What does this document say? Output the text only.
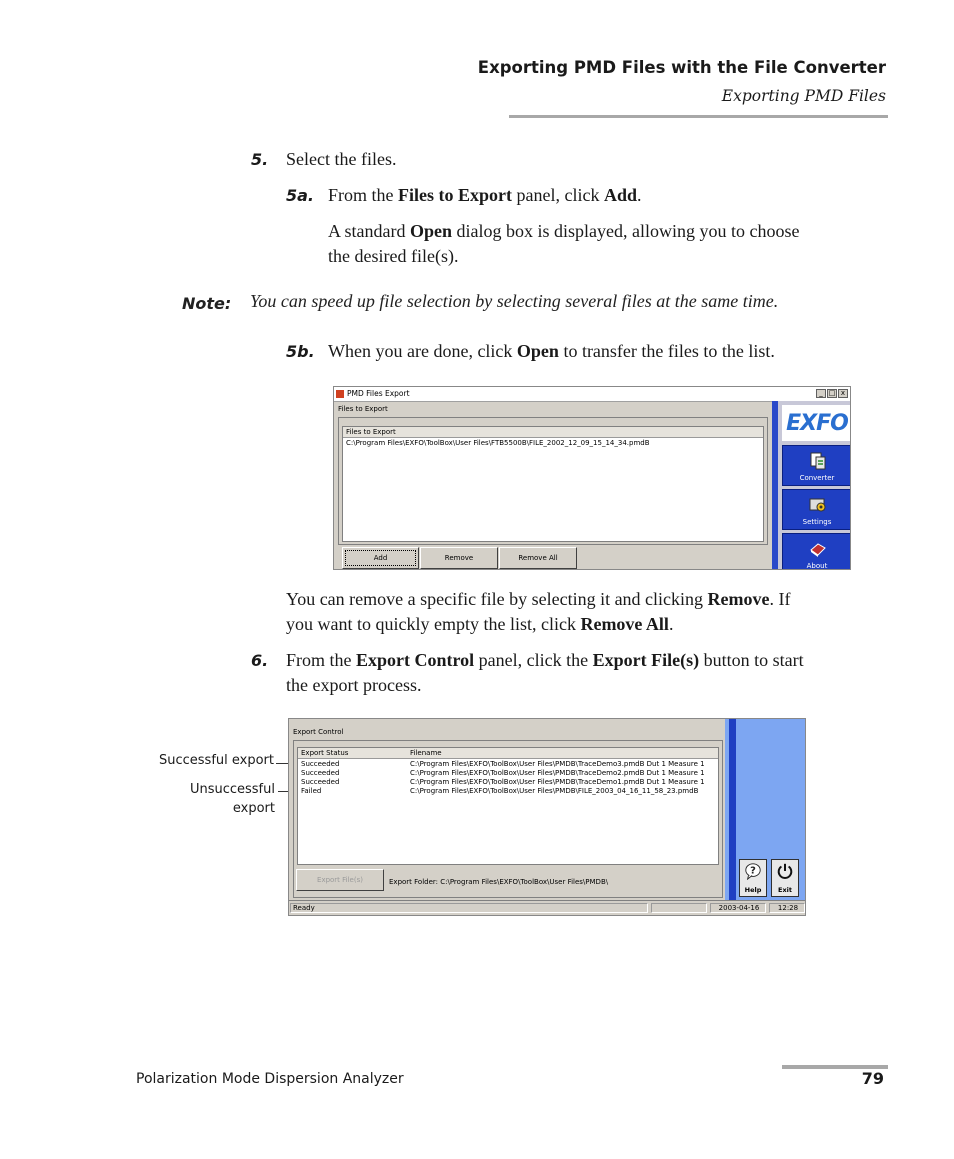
Exporting PMD Files with the File Converter
Exporting PMD Files
5. Select the files.
5a. From the Files to Export panel, click Add.
A standard Open dialog box is displayed, allowing you to choose
the desired file(s).
Note: You can speed up file selection by selecting several files at the same time.
5b. When you are done, click Open to transfer the files to the list.
PMD Files Export	_ □ x
Files to Export
Files to Export
C:\Program Files\EXFO\ToolBox\User Files\FTB5500B\FILE_2002_12_09_15_14_34.pmdB
Add	Remove	Remove All
EXFO
Converter
Settings
About
You can remove a specific file by selecting it and clicking Remove. If
you want to quickly empty the list, click Remove All.
6. From the Export Control panel, click the Export File(s) button to start
the export process.
Successful export
Unsuccessful
export
Export Control
Export Status	Filename
Succeeded	C:\Program Files\EXFO\ToolBox\User Files\PMDB\TraceDemo3.pmdB Dut 1 Measure 1
Succeeded	C:\Program Files\EXFO\ToolBox\User Files\PMDB\TraceDemo2.pmdB Dut 1 Measure 1
Succeeded	C:\Program Files\EXFO\ToolBox\User Files\PMDB\TraceDemo1.pmdB Dut 1 Measure 1
Failed	C:\Program Files\EXFO\ToolBox\User Files\PMDB\FILE_2003_04_16_11_58_23.pmdB
Export File(s)	Export Folder: C:\Program Files\EXFO\ToolBox\User Files\PMDB\
?
Help	Exit
Ready	2003-04-16	12:28
Polarization Mode Dispersion Analyzer	79
